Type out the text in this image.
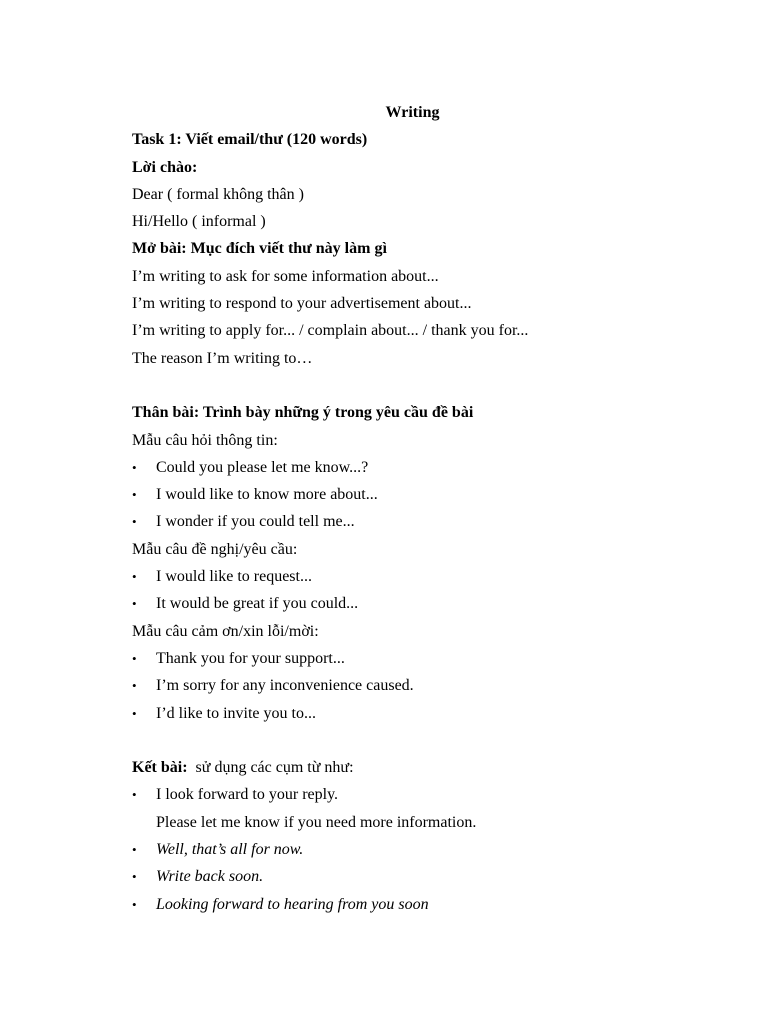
Writing
Task 1: Viết email/thư (120 words)
Lời chào:
Dear ( formal không thân )
Hi/Hello ( informal )
Mở bài: Mục đích viết thư này làm gì
I’m writing to ask for some information about...
I’m writing to respond to your advertisement about...
I’m writing to apply for... / complain about... / thank you for...
The reason I’m writing to…
Thân bài: Trình bày những ý trong yêu cầu đề bài
Mẫu câu hỏi thông tin:
•	Could you please let me know...?
•	I would like to know more about...
•	I wonder if you could tell me...
Mẫu câu đề nghị/yêu cầu:
•	I would like to request...
•	It would be great if you could...
Mẫu câu cảm ơn/xin lỗi/mời:
•	Thank you for your support...
•	I’m sorry for any inconvenience caused.
•	I’d like to invite you to...
Kết bài: sử dụng các cụm từ như:
•	I look forward to your reply.
Please let me know if you need more information.
•	Well, that’s all for now.
•	Write back soon.
•	Looking forward to hearing from you soon
